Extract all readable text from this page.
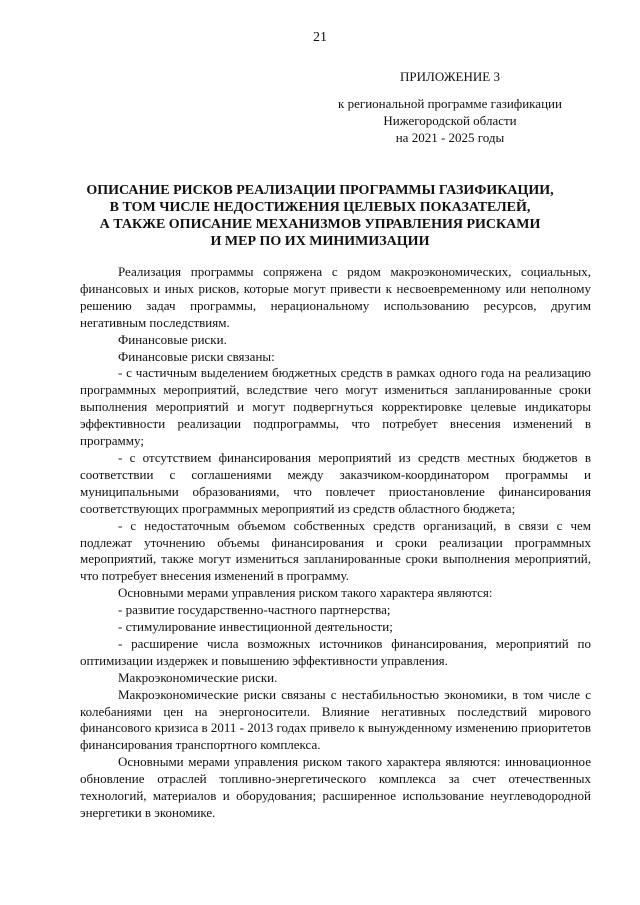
21
ПРИЛОЖЕНИЕ 3
к региональной программе газификации
Нижегородской области
на 2021 - 2025 годы
ОПИСАНИЕ РИСКОВ РЕАЛИЗАЦИИ ПРОГРАММЫ ГАЗИФИКАЦИИ,
В ТОМ ЧИСЛЕ НЕДОСТИЖЕНИЯ ЦЕЛЕВЫХ ПОКАЗАТЕЛЕЙ,
А ТАКЖЕ ОПИСАНИЕ МЕХАНИЗМОВ УПРАВЛЕНИЯ РИСКАМИ
И МЕР ПО ИХ МИНИМИЗАЦИИ

Реализация программы сопряжена с рядом макроэкономических, социальных, финансовых и иных рисков, которые могут привести к несвоевременному или неполному решению задач программы, нерациональному использованию ресурсов, другим негативным последствиям.

Финансовые риски.

Финансовые риски связаны:

- с частичным выделением бюджетных средств в рамках одного года на реализацию программных мероприятий, вследствие чего могут измениться запланированные сроки выполнения мероприятий и могут подвергнуться корректировке целевые индикаторы эффективности реализации подпрограммы, что потребует внесения изменений в программу;

- с отсутствием финансирования мероприятий из средств местных бюджетов в соответствии с соглашениями между заказчиком-координатором программы и муниципальными образованиями, что повлечет приостановление финансирования соответствующих программных мероприятий из средств областного бюджета;

- с недостаточным объемом собственных средств организаций, в связи с чем подлежат уточнению объемы финансирования и сроки реализации программных мероприятий, также могут измениться запланированные сроки выполнения мероприятий, что потребует внесения изменений в программу.

Основными мерами управления риском такого характера являются:

- развитие государственно-частного партнерства;

- стимулирование инвестиционной деятельности;

- расширение числа возможных источников финансирования, мероприятий по оптимизации издержек и повышению эффективности управления.

Макроэкономические риски.

Макроэкономические риски связаны с нестабильностью экономики, в том числе с колебаниями цен на энергоносители. Влияние негативных последствий мирового финансового кризиса в 2011 - 2013 годах привело к вынужденному изменению приоритетов финансирования транспортного комплекса.

Основными мерами управления риском такого характера являются: инновационное обновление отраслей топливно-энергетического комплекса за счет отечественных технологий, материалов и оборудования; расширенное использование неуглеводородной энергетики в экономике.
